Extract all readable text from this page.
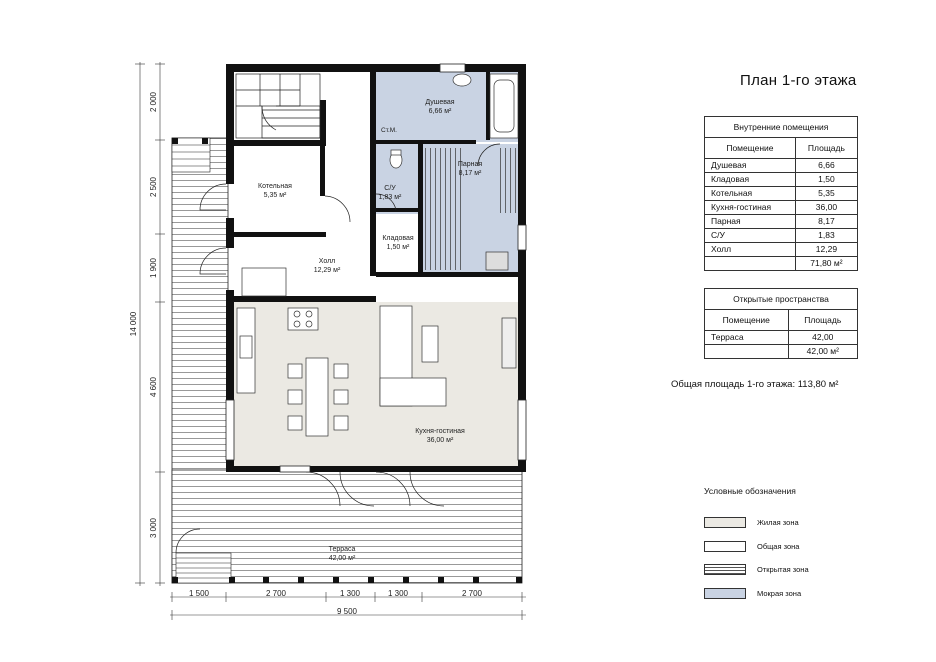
Душевая
6,66 м²
Ст.М.
Парная
8,17 м²
Котельная
5,35 м²
С/У
1,83 м²
Кладовая
1,50 м²
Холл
12,29 м²
Кухня-гостиная
36,00 м²
Терраса
42,00 м²
2 000
2 500
1 900
4 600
3 000
14 000
1 500	2 700	1 300	1 300	2 700
9 500
План 1-го этажа
Внутренние помещения	
Помещение	Площадь
Душевая	6,66
Кладовая	1,50
Котельная	5,35
Кухня-гостиная	36,00
Парная	8,17
С/У	1,83
Холл	12,29
	71,80 м²
Открытые пространства	
Помещение	Площадь
Терраса	42,00
	42,00 м²
Общая площадь 1-го этажа: 113,80 м²
Условные обозначения
Жилая зона
Общая зона
Открытая зона
Мокрая зона
